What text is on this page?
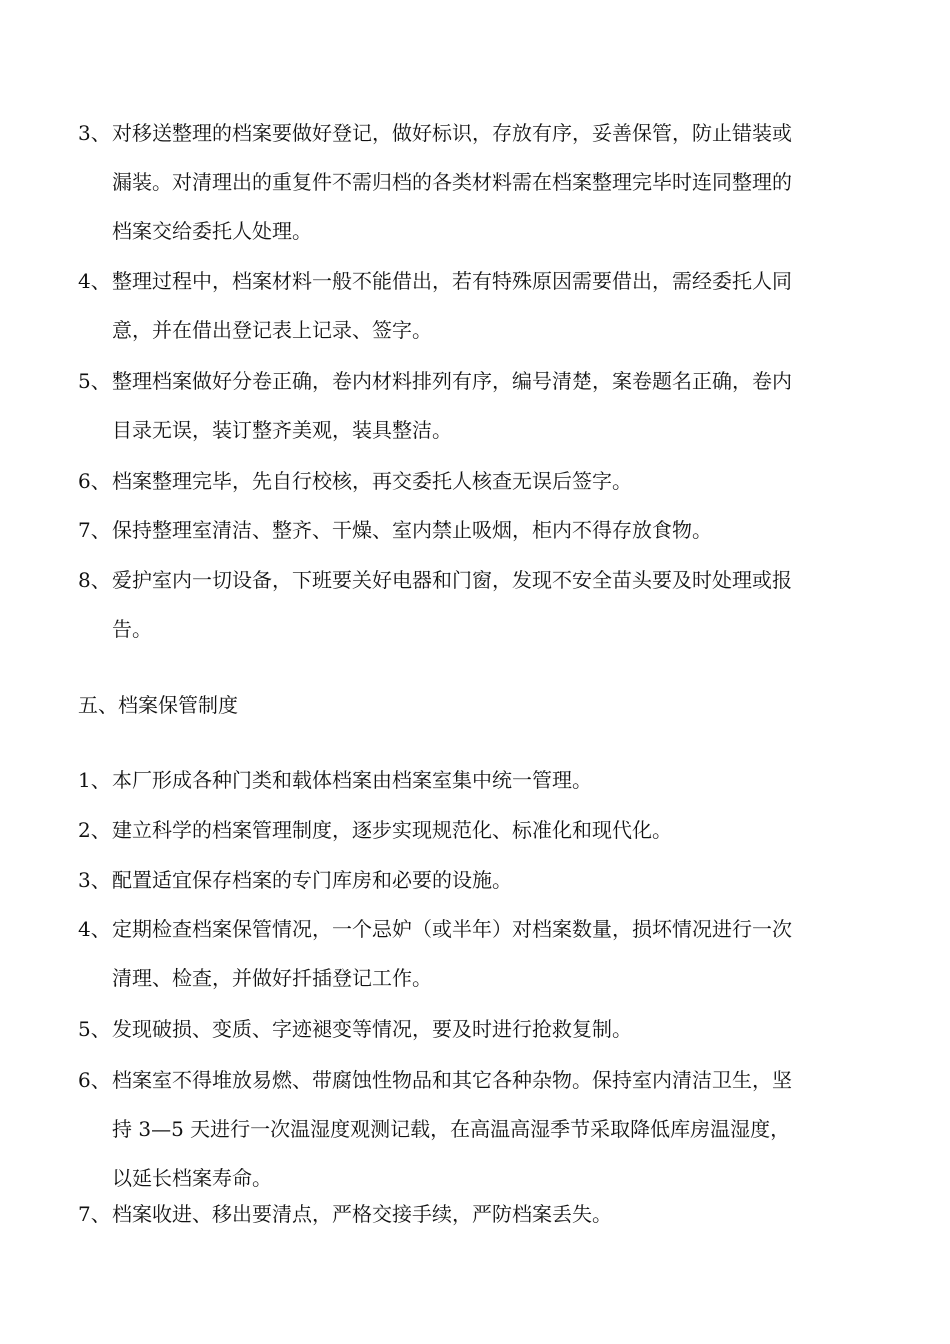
3、 对移送整理的档案要做好登记，做好标识，存放有序，妥善保管，防止错装或
漏装。对清理出的重复件不需归档的各类材料需在档案整理完毕时连同整理的
档案交给委托人处理。
4、 整理过程中，档案材料一般不能借出，若有特殊原因需要借出，需经委托人同
意，并在借出登记表上记录、签字。
5、 整理档案做好分卷正确，卷内材料排列有序，编号清楚，案卷题名正确，卷内
目录无误，装订整齐美观，装具整洁。
6、 档案整理完毕，先自行校核，再交委托人核查无误后签字。
7、 保持整理室清洁、整齐、干燥、室内禁止吸烟，柜内不得存放食物。
8、 爱护室内一切设备，下班要关好电器和门窗，发现不安全苗头要及时处理或报
告。
五、档案保管制度
1、 本厂形成各种门类和载体档案由档案室集中统一管理。
2、 建立科学的档案管理制度，逐步实现规范化、标准化和现代化。
3、 配置适宜保存档案的专门库房和必要的设施。
4、 定期检查档案保管情况，一个忌妒（或半年）对档案数量，损坏情况进行一次
清理、检查，并做好扦插登记工作。
5、 发现破损、变质、字迹褪变等情况，要及时进行抢救复制。
6、 档案室不得堆放易燃、带腐蚀性物品和其它各种杂物。保持室内清洁卫生，坚
持 3—5 天进行一次温湿度观测记载，在高温高湿季节采取降低库房温湿度，
以延长档案寿命。
7、 档案收进、移出要清点，严格交接手续，严防档案丢失。
